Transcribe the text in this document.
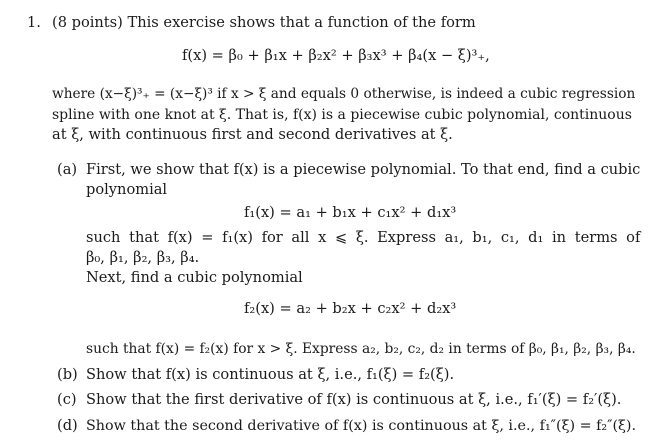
1. (8 points) This exercise shows that a function of the form
f(x) = β₀ + β₁x + β₂x² + β₃x³ + β₄(x − ξ)³₊,
where (x−ξ)³₊ = (x−ξ)³ if x > ξ and equals 0 otherwise, is indeed a cubic regression
spline with one knot at ξ. That is, f(x) is a piecewise cubic polynomial, continuous
at ξ, with continuous first and second derivatives at ξ.
(a) First, we show that f(x) is a piecewise polynomial. To that end, find a cubic
polynomial
f₁(x) = a₁ + b₁x + c₁x² + d₁x³
such that f(x) = f₁(x) for all x ⩽ ξ. Express a₁, b₁, c₁, d₁ in terms of
β₀, β₁, β₂, β₃, β₄.
Next, find a cubic polynomial
f₂(x) = a₂ + b₂x + c₂x² + d₂x³
such that f(x) = f₂(x) for x > ξ. Express a₂, b₂, c₂, d₂ in terms of β₀, β₁, β₂, β₃, β₄.
(b) Show that f(x) is continuous at ξ, i.e., f₁(ξ) = f₂(ξ).
(c) Show that the first derivative of f(x) is continuous at ξ, i.e., f₁′(ξ) = f₂′(ξ).
(d) Show that the second derivative of f(x) is continuous at ξ, i.e., f₁″(ξ) = f₂″(ξ).
